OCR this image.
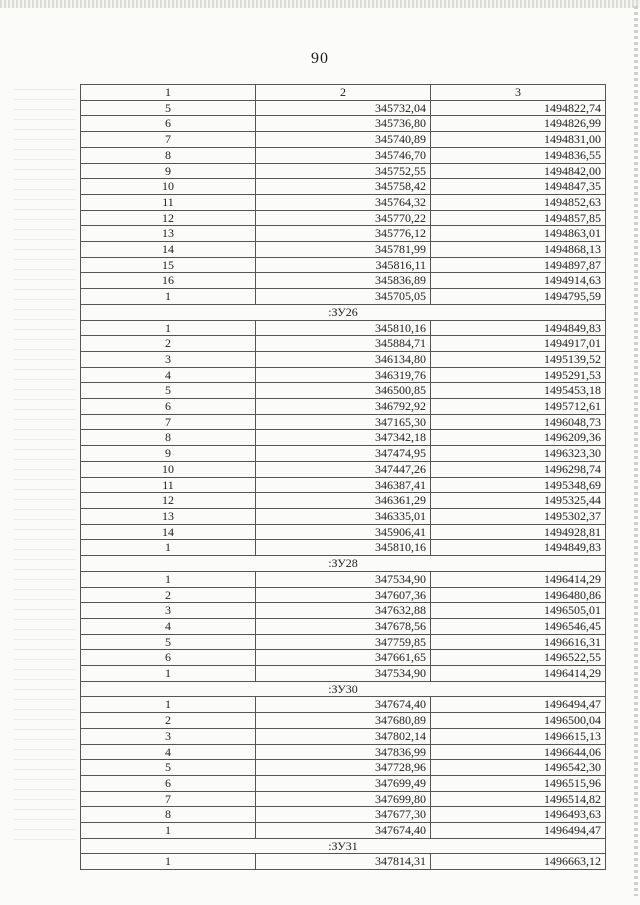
90
1	2	3
5	345732,04	1494822,74
6	345736,80	1494826,99
7	345740,89	1494831,00
8	345746,70	1494836,55
9	345752,55	1494842,00
10	345758,42	1494847,35
11	345764,32	1494852,63
12	345770,22	1494857,85
13	345776,12	1494863,01
14	345781,99	1494868,13
15	345816,11	1494897,87
16	345836,89	1494914,63
1	345705,05	1494795,59
:ЗУ26		
1	345810,16	1494849,83
2	345884,71	1494917,01
3	346134,80	1495139,52
4	346319,76	1495291,53
5	346500,85	1495453,18
6	346792,92	1495712,61
7	347165,30	1496048,73
8	347342,18	1496209,36
9	347474,95	1496323,30
10	347447,26	1496298,74
11	346387,41	1495348,69
12	346361,29	1495325,44
13	346335,01	1495302,37
14	345906,41	1494928,81
1	345810,16	1494849,83
:ЗУ28		
1	347534,90	1496414,29
2	347607,36	1496480,86
3	347632,88	1496505,01
4	347678,56	1496546,45
5	347759,85	1496616,31
6	347661,65	1496522,55
1	347534,90	1496414,29
:ЗУ30		
1	347674,40	1496494,47
2	347680,89	1496500,04
3	347802,14	1496615,13
4	347836,99	1496644,06
5	347728,96	1496542,30
6	347699,49	1496515,96
7	347699,80	1496514,82
8	347677,30	1496493,63
1	347674,40	1496494,47
:ЗУ31		
1	347814,31	1496663,12
